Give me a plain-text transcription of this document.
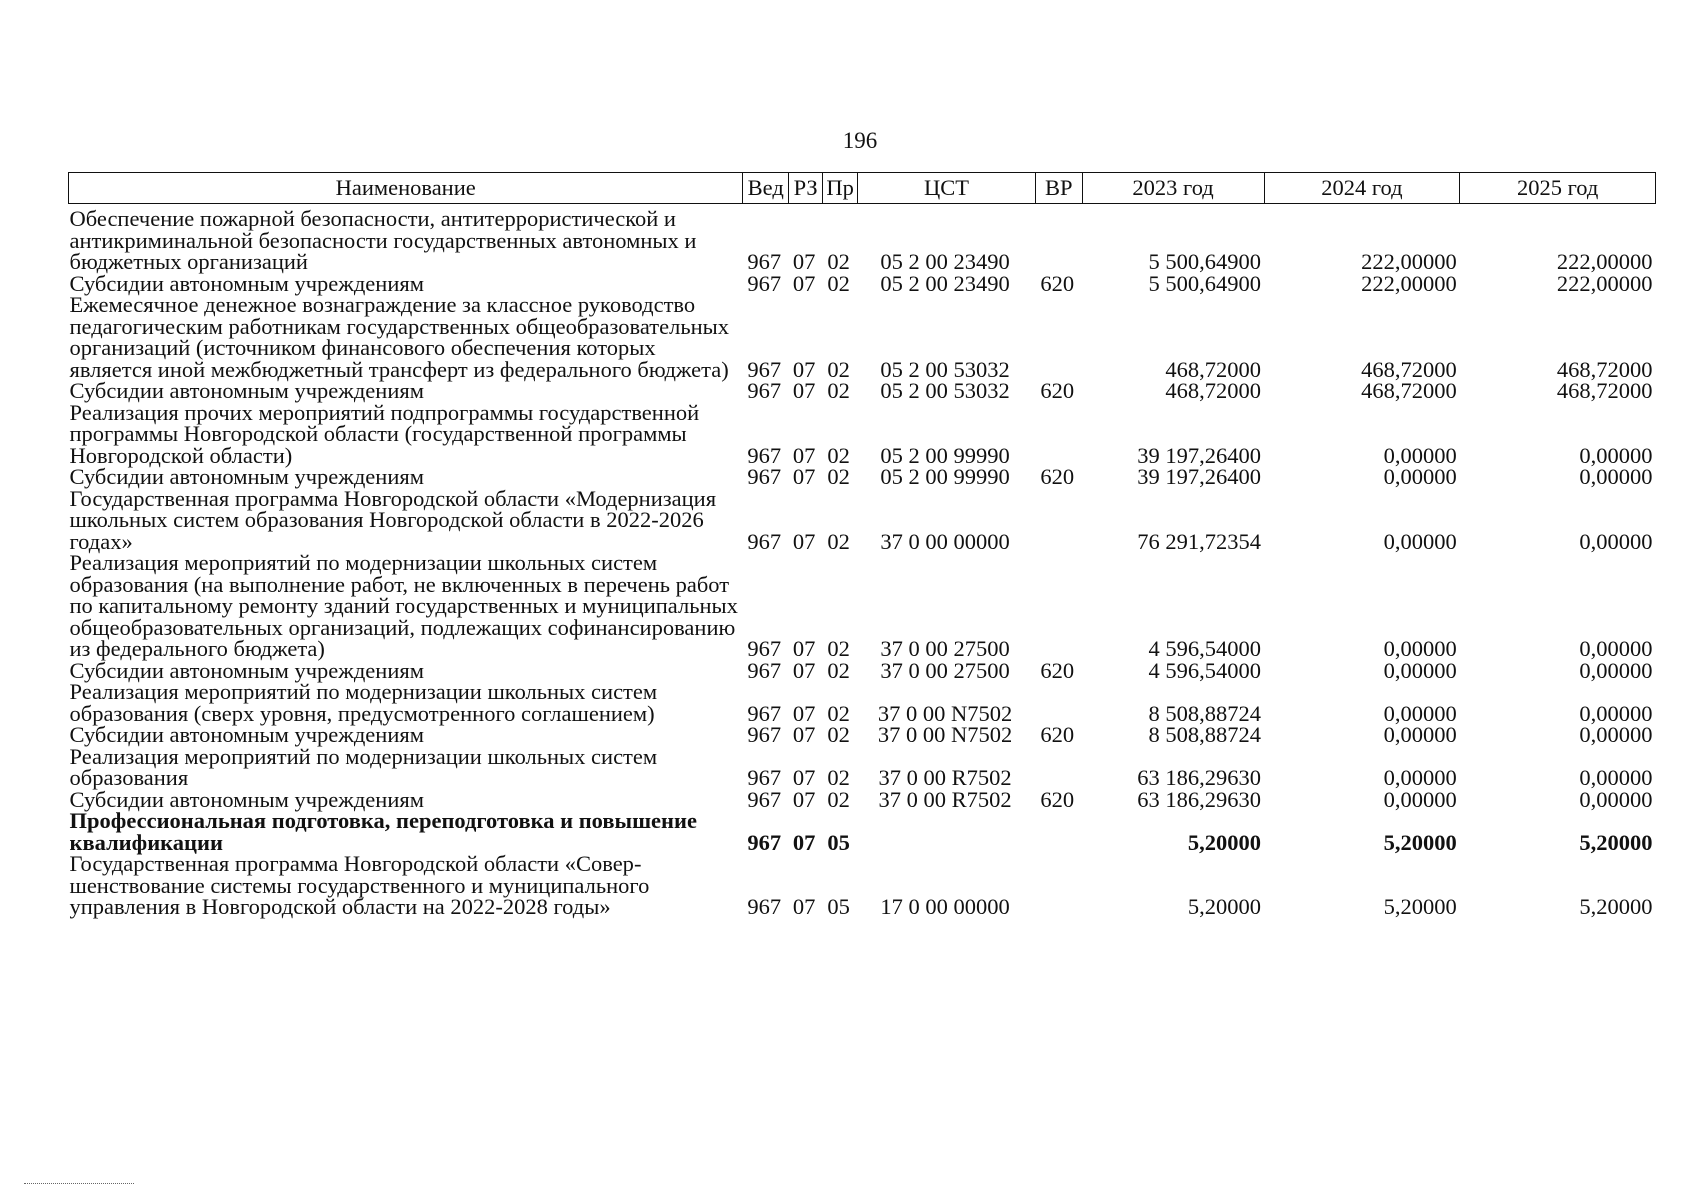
196
Наименование	Вед	РЗ	Пр	ЦСТ	ВР	2023 год	2024 год	2025 год

Обеспечение пожарной безопасности, антитеррористической и антикриминальной безопасности государственных автономных и бюджетных организаций	967	07	02	05 2 00 23490		5 500,64900	222,00000	222,00000
Субсидии автономным учреждениям	967	07	02	05 2 00 23490	620	5 500,64900	222,00000	222,00000
Ежемесячное денежное вознаграждение за классное руководство педагогическим работникам государственных общеобразовательных организаций (источником финансового обеспечения которых является иной межбюджетный трансферт из федерального бюджета)	967	07	02	05 2 00 53032		468,72000	468,72000	468,72000
Субсидии автономным учреждениям	967	07	02	05 2 00 53032	620	468,72000	468,72000	468,72000
Реализация прочих мероприятий подпрограммы государственной программы Новгородской области (государственной программы Новгородской области)	967	07	02	05 2 00 99990		39 197,26400	0,00000	0,00000
Субсидии автономным учреждениям	967	07	02	05 2 00 99990	620	39 197,26400	0,00000	0,00000
Государственная программа Новгородской области «Модернизация школьных систем образования Новгородской области в 2022-2026 годах»	967	07	02	37 0 00 00000		76 291,72354	0,00000	0,00000
Реализация мероприятий по модернизации школьных систем образования (на выполнение работ, не включенных в перечень работ по капитальному ремонту зданий государственных и муниципальных общеобразовательных организаций, подлежащих софинансированию из федерального бюджета)	967	07	02	37 0 00 27500		4 596,54000	0,00000	0,00000
Субсидии автономным учреждениям	967	07	02	37 0 00 27500	620	4 596,54000	0,00000	0,00000
Реализация мероприятий по модернизации школьных систем образования (сверх уровня, предусмотренного соглашением)	967	07	02	37 0 00 N7502		8 508,88724	0,00000	0,00000
Субсидии автономным учреждениям	967	07	02	37 0 00 N7502	620	8 508,88724	0,00000	0,00000
Реализация мероприятий по модернизации школьных систем образования	967	07	02	37 0 00 R7502		63 186,29630	0,00000	0,00000
Субсидии автономным учреждениям	967	07	02	37 0 00 R7502	620	63 186,29630	0,00000	0,00000
Профессиональная подготовка, переподготовка и повышение квалификации	967	07	05			5,20000	5,20000	5,20000
Государственная программа Новгородской области «Совершенствование системы государственного и муниципального управления в Новгородской области на 2022-2028 годы»	967	07	05	17 0 00 00000		5,20000	5,20000	5,20000
